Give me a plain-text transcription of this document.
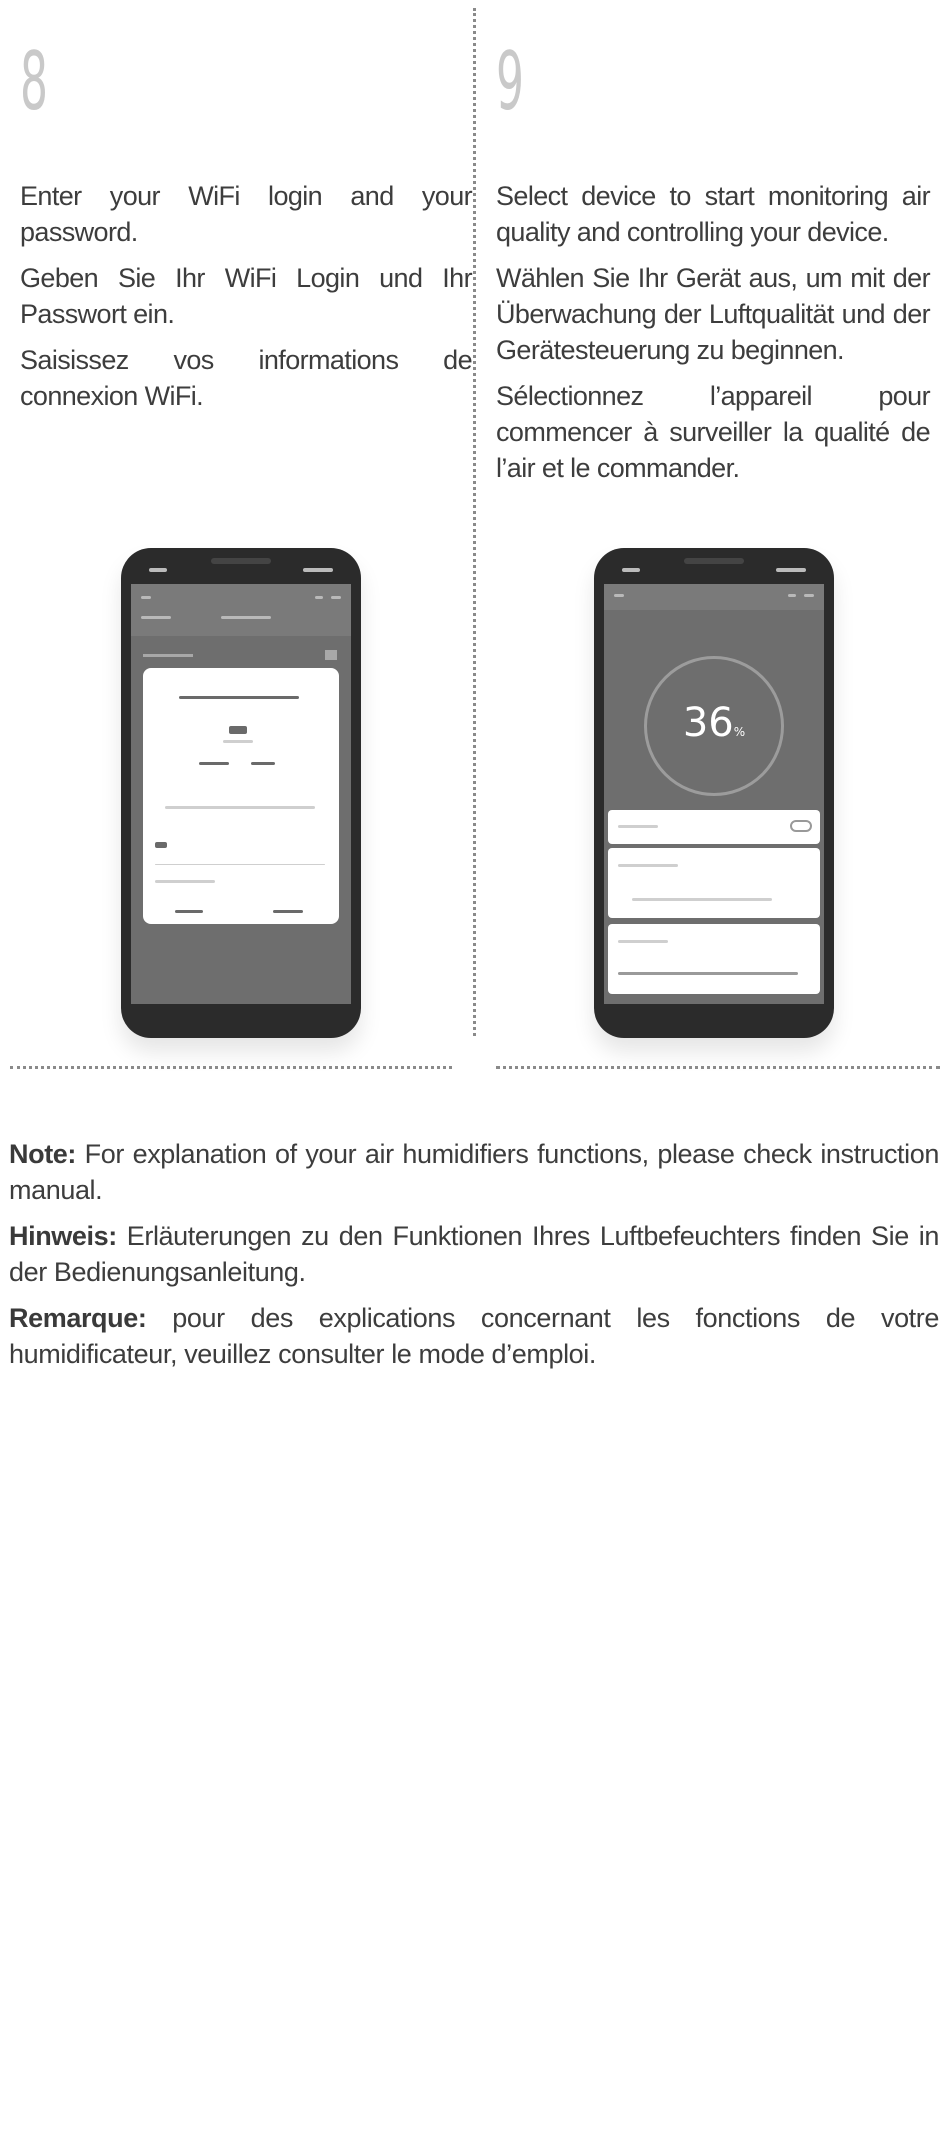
8

Enter your WiFi login and your password.

Geben Sie Ihr WiFi Login und Ihr Passwort ein.

Saisissez vos informations de connexion WiFi.

9

Select device to start monitoring air quality and controlling your device.

Wählen Sie Ihr Gerät aus, um mit der Überwachung der Luftqualität und der Gerätesteuerung zu beginnen.

Sélectionnez l’appareil pour commencer à surveiller la qualité de l’air et le commander.

36%

Note: For explanation of your air humidifiers functions, please check instruction manual.

Hinweis: Erläuterungen zu den Funktionen Ihres Luftbefeuchters finden Sie in der Bedienungsanleitung.

Remarque: pour des explications concernant les fonctions de votre humidificateur, veuillez consulter le mode d’emploi.
